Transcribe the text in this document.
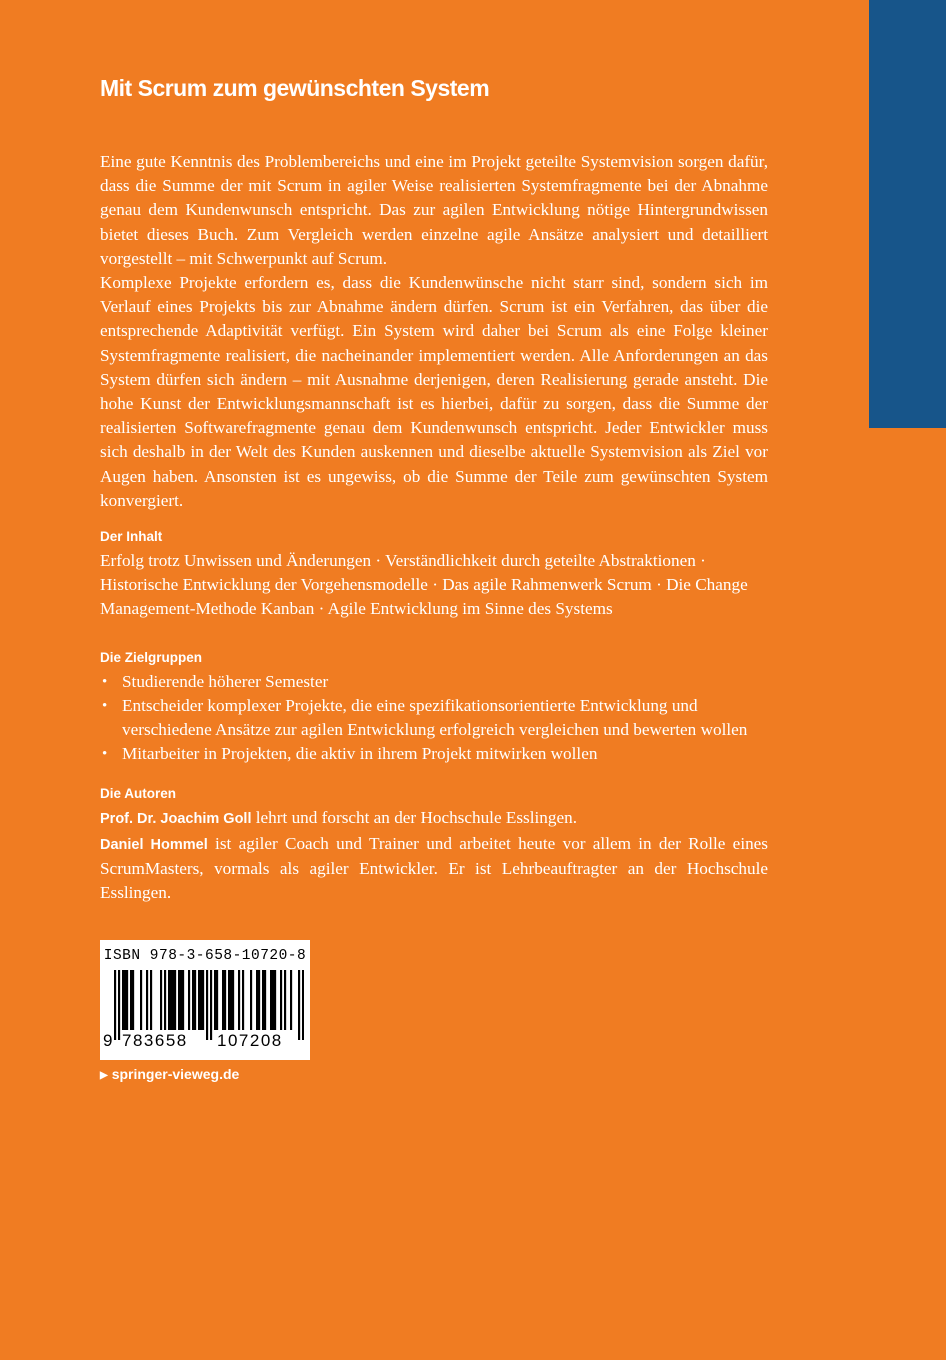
Mit Scrum zum gewünschten System

Eine gute Kenntnis des Problembereichs und eine im Projekt geteilte Systemvision sorgen dafür, dass die Summe der mit Scrum in agiler Weise realisierten Systemfragmente bei der Abnahme genau dem Kundenwunsch entspricht. Das zur agilen Entwicklung nötige Hintergrundwissen bietet dieses Buch. Zum Vergleich werden einzelne agile Ansätze analysiert und detailliert vorgestellt – mit Schwerpunkt auf Scrum.

Komplexe Projekte erfordern es, dass die Kundenwünsche nicht starr sind, sondern sich im Verlauf eines Projekts bis zur Abnahme ändern dürfen. Scrum ist ein Verfahren, das über die entsprechende Adaptivität verfügt. Ein System wird daher bei Scrum als eine Folge kleiner Systemfragmente realisiert, die nacheinander implementiert werden. Alle Anforderungen an das System dürfen sich ändern – mit Ausnahme derjenigen, deren Realisierung gerade ansteht. Die hohe Kunst der Entwicklungsmannschaft ist es hierbei, dafür zu sorgen, dass die Summe der realisierten Softwarefragmente genau dem Kundenwunsch entspricht. Jeder Entwickler muss sich deshalb in der Welt des Kunden auskennen und dieselbe aktuelle Systemvision als Ziel vor Augen haben. Ansonsten ist es ungewiss, ob die Summe der Teile zum gewünschten System konvergiert.

Der Inhalt

Erfolg trotz Unwissen und Änderungen · Verständlichkeit durch geteilte Abstraktionen · Historische Entwicklung der Vorgehensmodelle · Das agile Rahmenwerk Scrum · Die Change Management-Methode Kanban · Agile Entwicklung im Sinne des Systems

Die Zielgruppen
• Studierende höherer Semester
• Entscheider komplexer Projekte, die eine spezifikationsorientierte Entwicklung und verschiedene Ansätze zur agilen Entwicklung erfolgreich vergleichen und bewerten wollen
• Mitarbeiter in Projekten, die aktiv in ihrem Projekt mitwirken wollen
Die Autoren

Prof. Dr. Joachim Goll lehrt und forscht an der Hochschule Esslingen.

Daniel Hommel ist agiler Coach und Trainer und arbeitet heute vor allem in der Rolle eines ScrumMasters, vormals als agiler Entwickler. Er ist Lehrbeauftragter an der Hochschule Esslingen.

ISBN 978-3-658-10720-8
9 783658 107208
▶ springer-vieweg.de
